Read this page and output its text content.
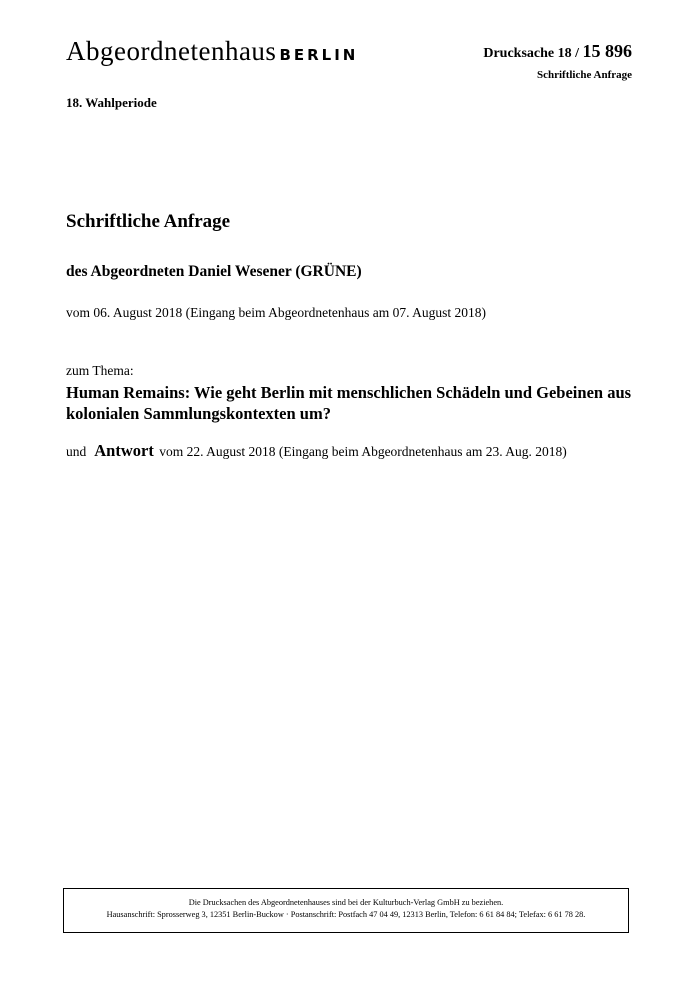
Abgeordnetenhaus BERLIN	Drucksache 18 / 15 896
Schriftliche Anfrage
18. Wahlperiode
Schriftliche Anfrage
des Abgeordneten Daniel Wesener (GRÜNE)
vom 06. August 2018 (Eingang beim Abgeordnetenhaus am 07. August 2018)
zum Thema:
Human Remains: Wie geht Berlin mit menschlichen Schädeln und Gebeinen aus kolonialen Sammlungskontexten um?
und Antwort vom 22. August 2018 (Eingang beim Abgeordnetenhaus am 23. Aug. 2018)
Die Drucksachen des Abgeordnetenhauses sind bei der Kulturbuch-Verlag GmbH zu beziehen.
Hausanschrift: Sprosserweg 3, 12351 Berlin-Buckow · Postanschrift: Postfach 47 04 49, 12313 Berlin, Telefon: 6 61 84 84; Telefax: 6 61 78 28.
